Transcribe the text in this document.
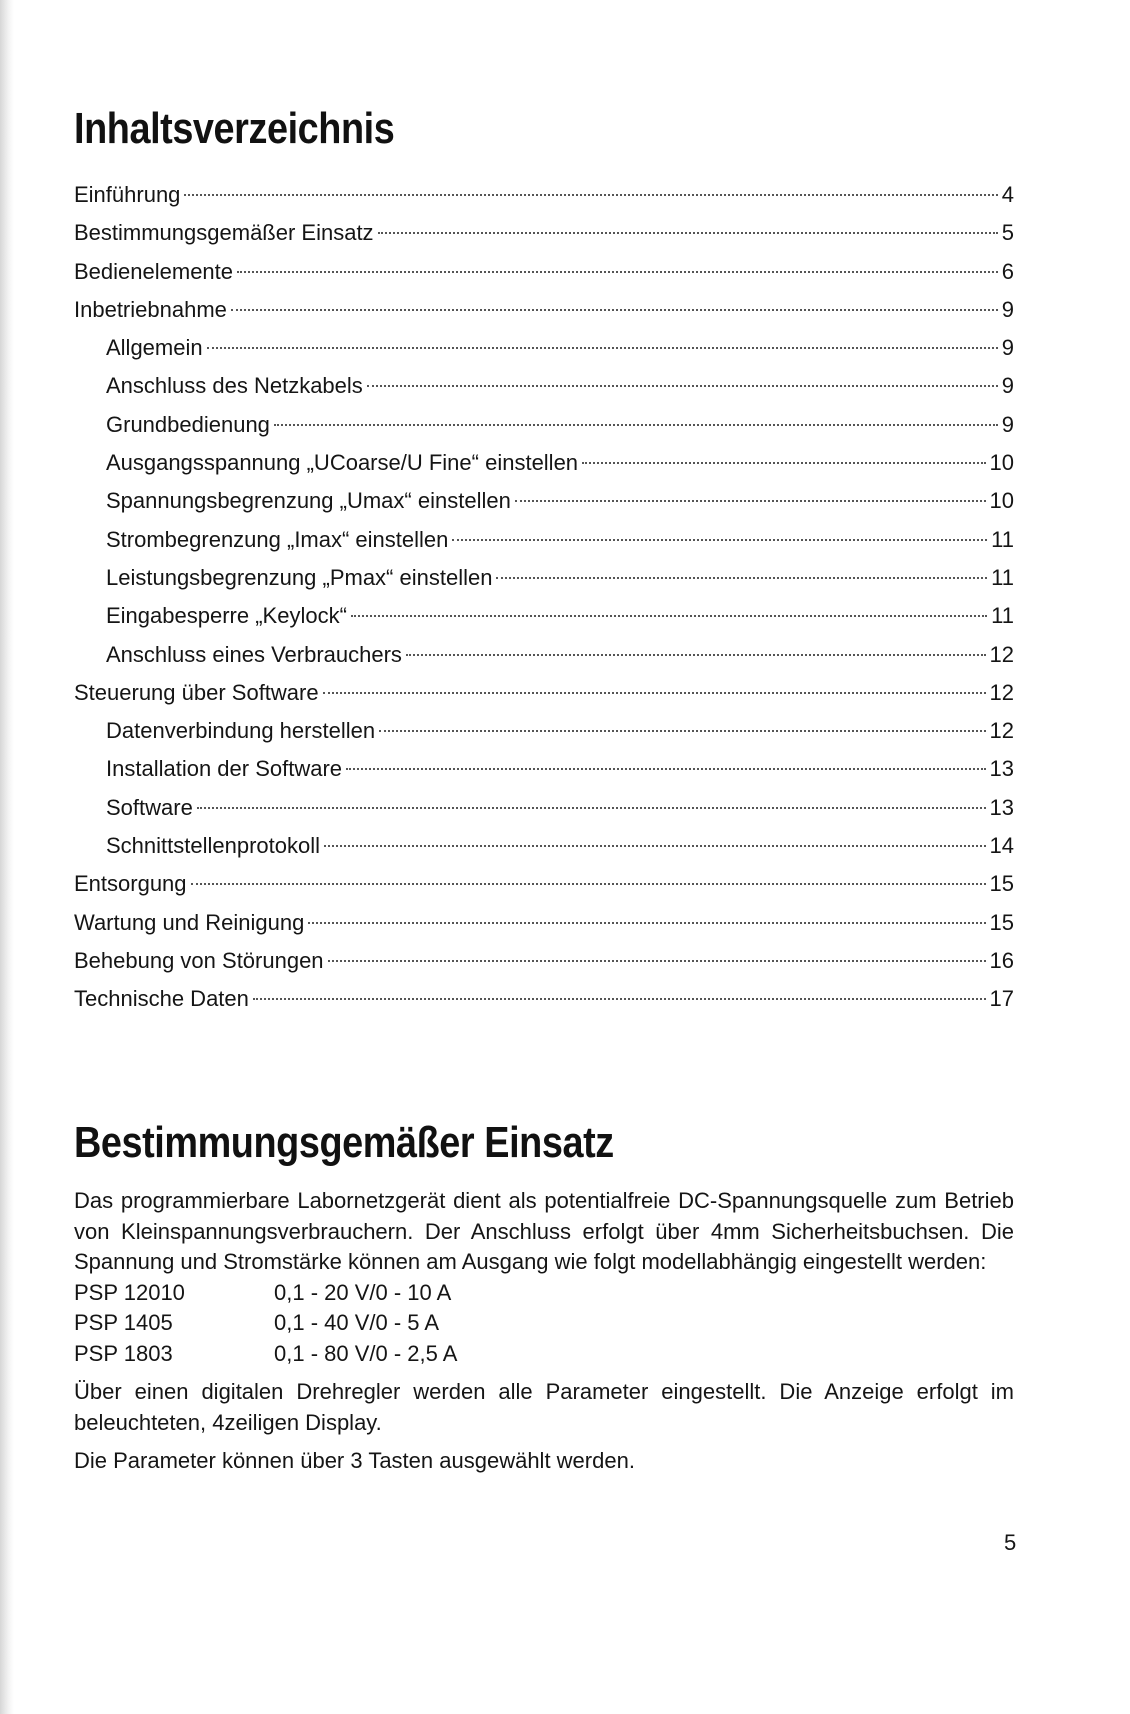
Inhaltsverzeichnis
Einführung	4
Bestimmungsgemäßer Einsatz	5
Bedienelemente	6
Inbetriebnahme	9
Allgemein	9
Anschluss des Netzkabels	9
Grundbedienung	9
Ausgangsspannung „UCoarse/U Fine“ einstellen	10
Spannungsbegrenzung „Umax“ einstellen	10
Strombegrenzung „Imax“ einstellen	11
Leistungsbegrenzung „Pmax“ einstellen	11
Eingabesperre „Keylock“	11
Anschluss eines Verbrauchers	12
Steuerung über Software	12
Datenverbindung herstellen	12
Installation der Software	13
Software	13
Schnittstellenprotokoll	14
Entsorgung	15
Wartung und Reinigung	15
Behebung von Störungen	16
Technische Daten	17
Bestimmungsgemäßer Einsatz

Das programmierbare Labornetzgerät dient als potentialfreie DC-Spannungsquelle zum Betrieb von Kleinspannungsverbrauchern. Der Anschluss erfolgt über 4mm Sicherheitsbuchsen. Die Spannung und Stromstärke können am Ausgang wie folgt modellabhängig eingestellt werden:

PSP 12010	0,1 - 20 V/0 - 10 A
PSP 1405	0,1 - 40 V/0 - 5 A
PSP 1803	0,1 - 80 V/0 - 2,5 A

Über einen digitalen Drehregler werden alle Parameter eingestellt. Die Anzeige erfolgt im beleuchteten, 4zeiligen Display.

Die Parameter können über 3 Tasten ausgewählt werden.

5
